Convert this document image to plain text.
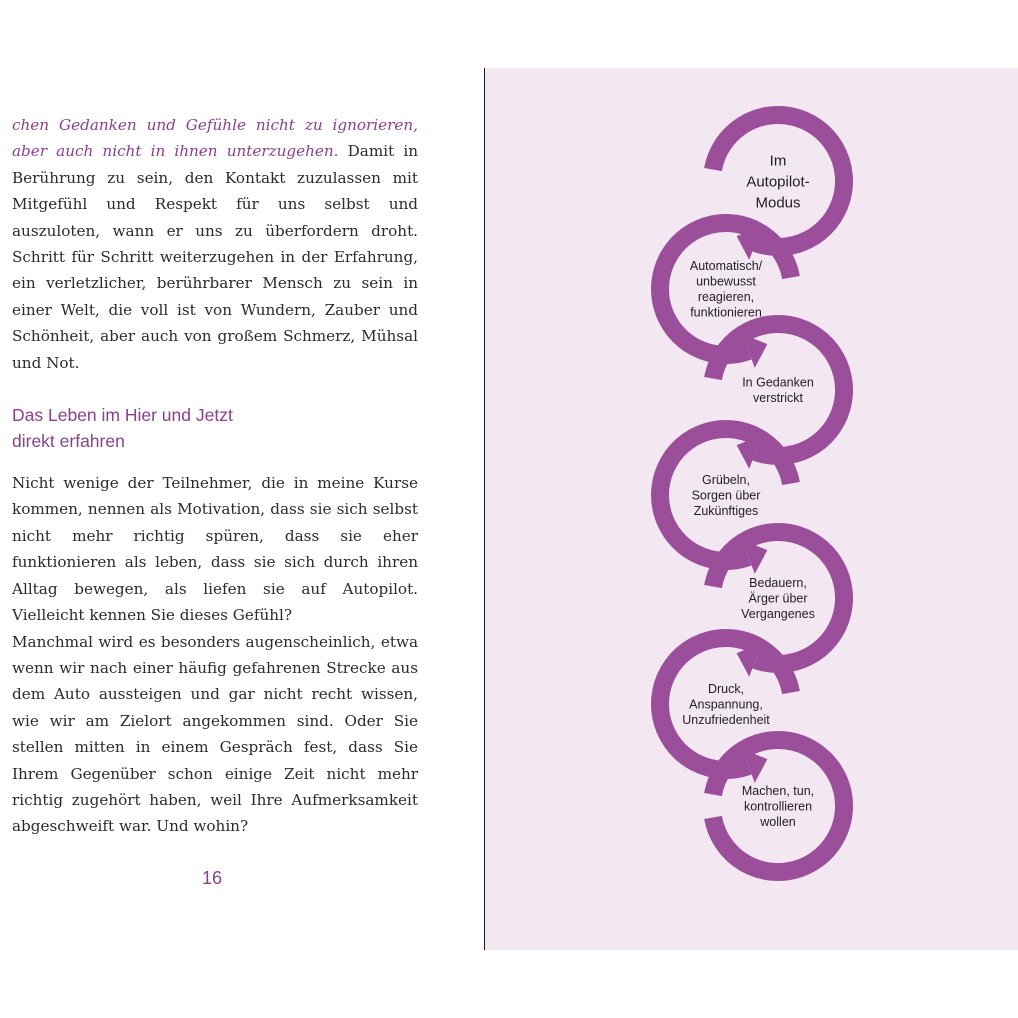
chen Gedanken und Gefühle nicht zu ignorieren, aber auch nicht in ihnen unterzugehen. Damit in Berührung zu sein, den Kontakt zuzulassen mit Mitgefühl und Respekt für uns selbst und auszuloten, wann er uns zu überfordern droht. Schritt für Schritt weiterzugehen in der Erfahrung, ein verletzlicher, berührbarer Mensch zu sein in einer Welt, die voll ist von Wundern, Zauber und Schönheit, aber auch von großem Schmerz, Mühsal und Not.

Das Leben im Hier und Jetzt
direkt erfahren

Nicht wenige der Teilnehmer, die in meine Kurse kommen, nennen als Motivation, dass sie sich selbst nicht mehr richtig spüren, dass sie eher funktionieren als leben, dass sie sich durch ihren Alltag bewegen, als liefen sie auf Autopilot. Vielleicht kennen Sie dieses Gefühl?

Manchmal wird es besonders augenscheinlich, etwa wenn wir nach einer häufig gefahrenen Strecke aus dem Auto aussteigen und gar nicht recht wissen, wie wir am Zielort angekommen sind. Oder Sie stellen mitten in einem Gespräch fest, dass Sie Ihrem Gegenüber schon einige Zeit nicht mehr richtig zugehört haben, weil Ihre Aufmerksamkeit abgeschweift war. Und wohin?

16
Im Autopilot-Modus
Automatisch/ unbewusst reagieren, funktionieren
In Gedanken verstrickt
Grübeln, Sorgen über Zukünftiges
Bedauern, Ärger über Vergangenes
Druck, Anspannung, Unzufriedenheit
Machen, tun, kontrollieren wollen
